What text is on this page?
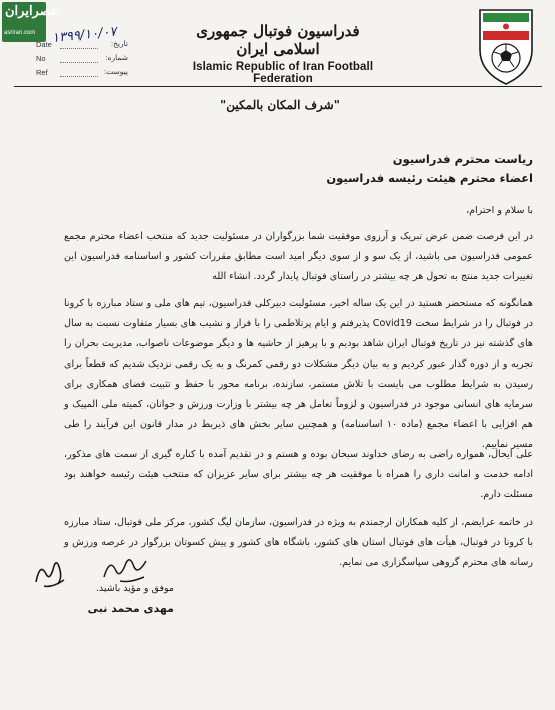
عصرایران
asriran.com ۱۳۹۹/۱۰/۰۷
Date	تاریخ:
No	شماره:
Ref	پیوست:
فدراسیون فوتبال جمهوری اسلامی ایران
Islamic Republic of Iran Football Federation
"شرف المکان بالمکین"
ریاست محترم فدراسیون
اعضاء محترم هیئت رئیسه فدراسیون
با سلام و احترام،

در این فرصت ضمن عرض تبریک و آرزوی موفقیت شما بزرگواران در مسئولیت جدید که منتخب اعضاء محترم مجمع عمومی فدراسیون می باشید، از یک سو و از سوی دیگر امید است مطابق مقررات کشور و اساسنامه فدراسیون این تغییرات جدید منتج به تحول هر چه بیشتر در راستای فوتبال پایدار گردد. انشاء الله

همانگونه که مستحضر هستید در این یک ساله اخیر، مسئولیت دبیرکلی فدراسیون، تیم های ملی و ستاد مبارزه با کرونا در فوتبال را در شرایط سخت Covid19 پذیرفتم و ایام پرتلاطمی را با فراز و نشیب های بسیار متفاوت نسبت به سال های گذشته نیز در تاریخ فوتبال ایران شاهد بودیم و با پرهیز از حاشیه ها و دیگر موضوعات ناصواب، مدیریت بحران را تجربه و از دوره گذار عبور کردیم و به بیان دیگر مشکلات دو رقمی کمرنگ و به یک رقمی نزدیک شدیم که قطعاً برای رسیدن به شرایط مطلوب می بایست با تلاش مستمر، سازنده، برنامه محور با حفظ و تثبیت فضای همکاری برای سرمایه های انسانی موجود در فدراسیون و لزوماً تعامل هر چه بیشتر با وزارت ورزش و جوانان، کمیته ملی المپیک و هم افزایی با اعضاء مجمع (ماده ۱۰ اساسنامه) و همچنین سایر بخش های ذیربط در مدار قانون این فرآیند را طی مسیر نماییم.

علی ایحال، همواره راضی به رضای خداوند سبحان بوده و هستم و در تقدیم آمده با کناره گیری از سمت های مذکور، ادامه خدمت و امانت داری را همراه با موفقیت هر چه بیشتر برای سایر عزیزان که منتخب هیئت رئیسه خواهند بود مسئلت دارم.

در خاتمه عرایضم، از کلیه همکاران ارجمندم به ویژه در فدراسیون، سازمان لیگ کشور، مرکز ملی فوتبال، ستاد مبارزه با کرونا در فوتبال، هیأت های فوتبال استان های کشور، باشگاه های کشور و پیش کسوتان بزرگوار در عرصه ورزش و رسانه های محترم گروهی سپاسگزاری می نمایم.

موفق و مؤید باشید.
مهدی محمد نبی
